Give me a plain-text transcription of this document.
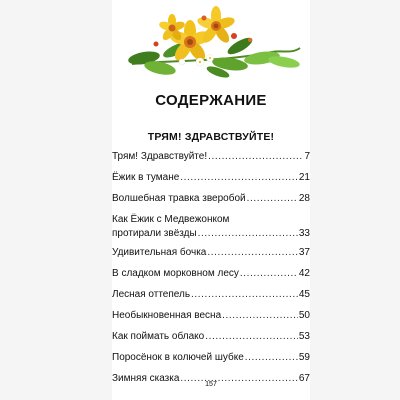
СОДЕРЖАНИЕ
ТРЯМ! ЗДРАВСТВУЙТЕ!
Трям! Здравствуйте! .....	7
Ёжик в тумане .....	21
Волшебная травка зверобой .....	28
Как Ёжик с Медвежонком
протирали звёзды .....	33
Удивительная бочка .....	37
В сладком морковном лесу .....	42
Лесная оттепель .....	45
Необыкновенная весна .....	50
Как поймать облако .....	53
Поросёнок в колючей шубке .....	59
Зимняя сказка .....	67
157
